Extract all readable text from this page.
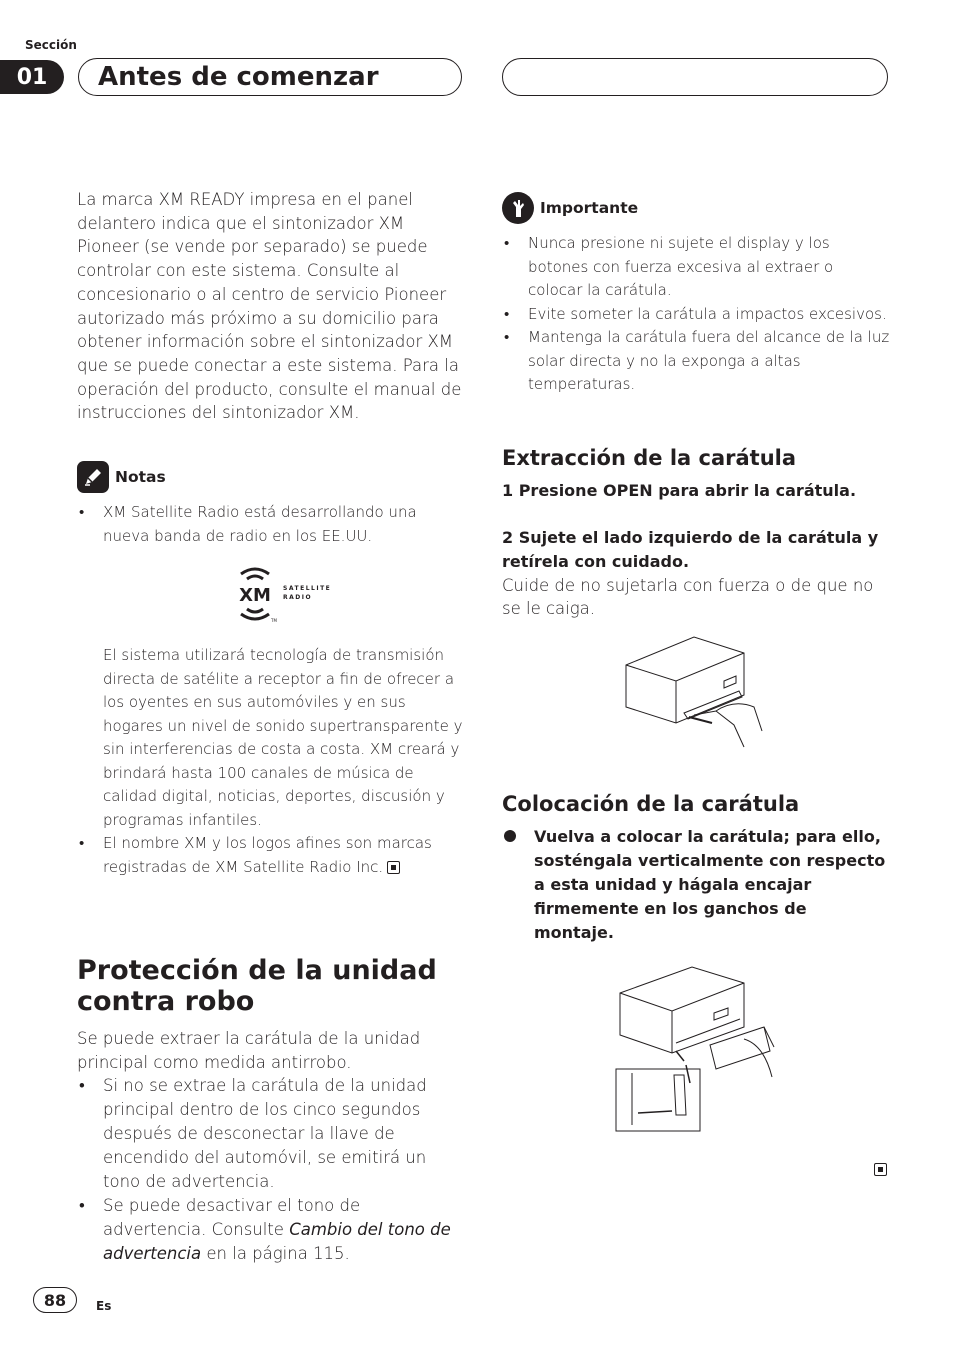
Sección
01	Antes de comenzar

La marca XM READY impresa en el panel delantero indica que el sintonizador XM Pioneer (se vende por separado) se puede controlar con este sistema. Consulte al concesionario o al centro de servicio Pioneer autorizado más próximo a su domicilio para obtener información sobre el sintonizador XM que se puede conectar a este sistema. Para la operación del producto, consulte el manual de instrucciones del sintonizador XM.

Notas
• XM Satellite Radio está desarrollando una nueva banda de radio en los EE.UU.
XM SATELLITE
RADIO
TM
El sistema utilizará tecnología de transmisión directa de satélite a receptor a fin de ofrecer a los oyentes en sus automóviles y en sus hogares un nivel de sonido supertransparente y sin interferencias de costa a costa. XM creará y brindará hasta 100 canales de música de calidad digital, noticias, deportes, discusión y programas infantiles.
• El nombre XM y los logos afines son marcas registradas de XM Satellite Radio Inc.
Protección de la unidad contra robo

Se puede extraer la carátula de la unidad principal como medida antirrobo.

• Si no se extrae la carátula de la unidad principal dentro de los cinco segundos después de desconectar la llave de encendido del automóvil, se emitirá un tono de advertencia.
• Se puede desactivar el tono de advertencia. Consulte Cambio del tono de advertencia en la página 115.
Importante
• Nunca presione ni sujete el display y los botones con fuerza excesiva al extraer o colocar la carátula.
• Evite someter la carátula a impactos excesivos.
• Mantenga la carátula fuera del alcance de la luz solar directa y no la exponga a altas temperaturas.
Extracción de la carátula
1 Presione OPEN para abrir la carátula.
2 Sujete el lado izquierdo de la carátula y retírela con cuidado.

Cuide de no sujetarla con fuerza o de que no se le caiga.

Colocación de la carátula
Vuelva a colocar la carátula; para ello, sosténgala verticalmente con respecto a esta unidad y hágala encajar firmemente en los ganchos de montaje.
88	Es
